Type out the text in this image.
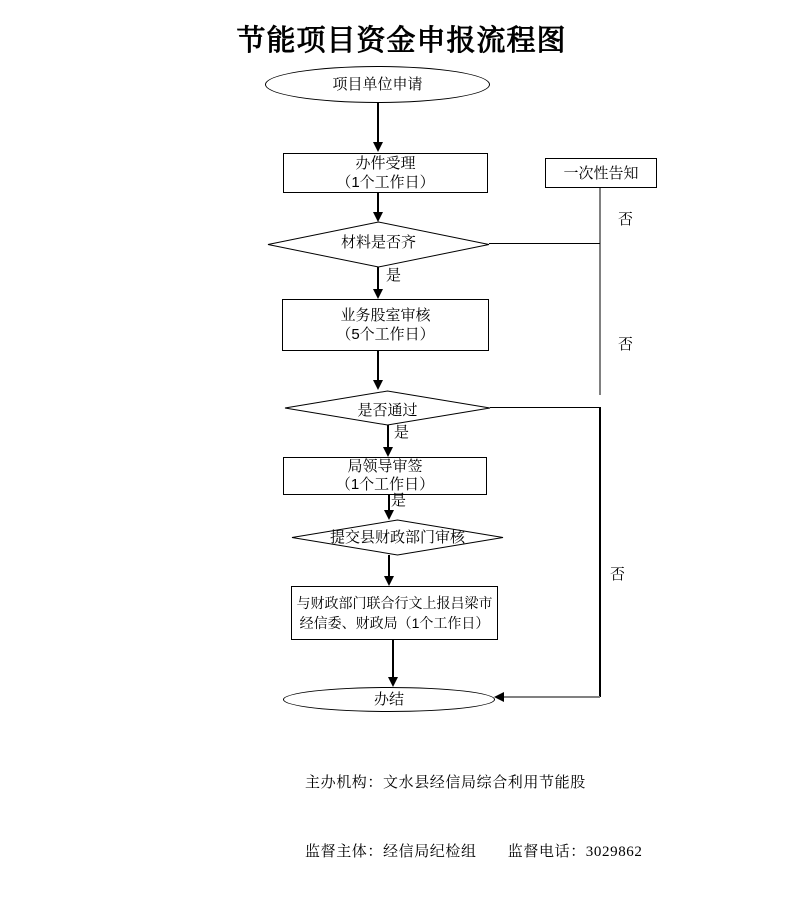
节能项目资金申报流程图
项目单位申请
办件受理
（1个工作日）
材料是否齐
是
业务股室审核
（5个工作日）
是否通过
是
局领导审签
（1个工作日）
是
提交县财政部门审核
与财政部门联合行文上报吕梁市
经信委、财政局（1个工作日）
办结
一次性告知
否
否
否

主办机构：文水县经信局综合利用节能股

监督主体：经信局纪检组　　监督电话：3029862
